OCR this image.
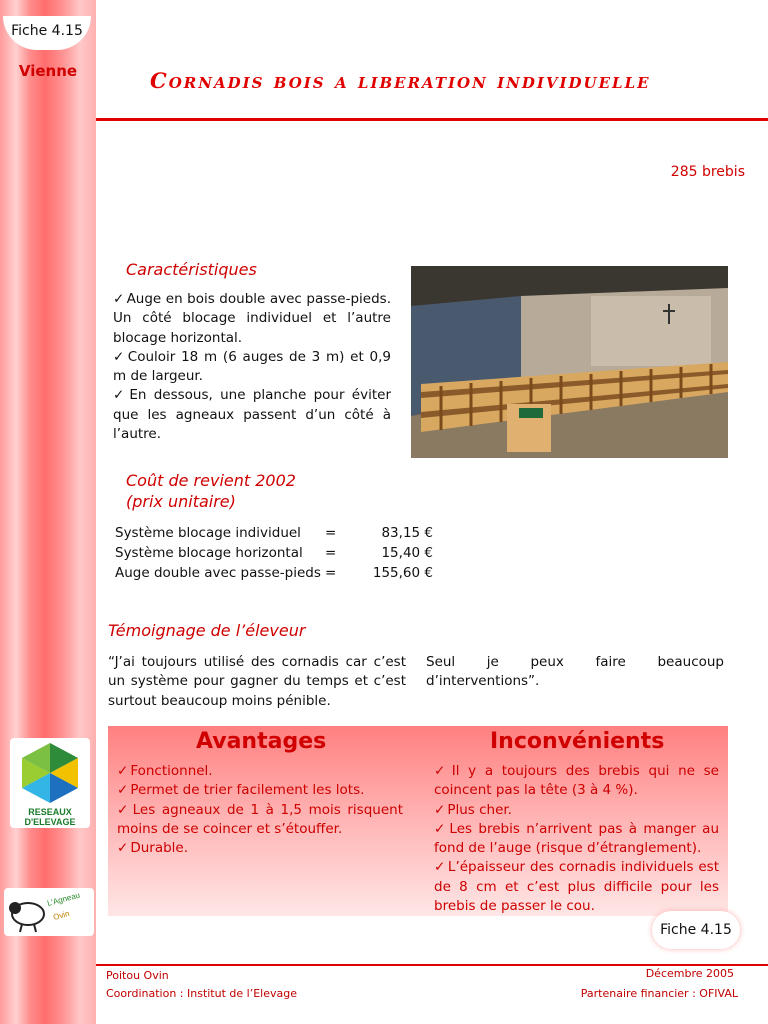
Fiche 4.15
Vienne
RESEAUX
D'ELEVAGE
L'Agneau
Ovin
Cornadis bois a liberation individuelle
285 brebis
Caractéristiques
✓ Auge en bois double avec passe-pieds. Un côté blocage individuel et l’autre blocage horizontal.
✓ Couloir 18 m (6 auges de 3 m) et 0,9 m de largeur.
✓ En dessous, une planche pour éviter que les agneaux passent d’un côté à l’autre.
Coût de revient 2002
(prix unitaire)
Système blocage individuel	=	83,15 €
Système blocage horizontal	=	15,40 €
Auge double avec passe-pieds	=	155,60 €
Témoignage de l’éleveur
“J’ai toujours utilisé des cornadis car c’est un système pour gagner du temps et c’est surtout beaucoup moins pénible.
Seul je peux faire beaucoup d’interventions”.
Avantages	Inconvénients
✓ Fonctionnel.
✓ Permet de trier facilement les lots.
✓ Les agneaux de 1 à 1,5 mois risquent moins de se coincer et s’étouffer.
✓ Durable.
✓ Il y a toujours des brebis qui ne se coincent pas la tête (3 à 4 %).
✓ Plus cher.
✓ Les brebis n’arrivent pas à manger au fond de l’auge (risque d’étranglement).
✓ L’épaisseur des cornadis individuels est de 8 cm et c’est plus difficile pour les brebis de passer le cou.
Fiche 4.15
Poitou Ovin
Coordination : Institut de l’Elevage
Décembre 2005
Partenaire financier : OFIVAL
